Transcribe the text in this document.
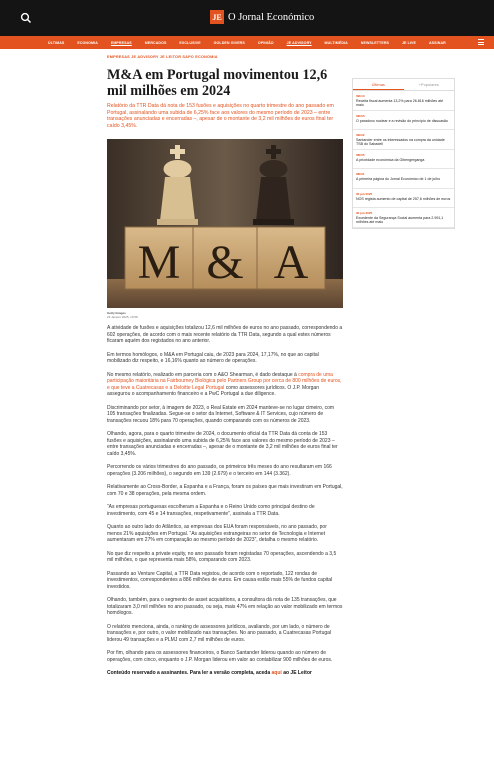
JE O Jornal Económico
ÚLTIMAS	ECONOMIA	EMPRESAS	MERCADOS	EXCLUSIVE	GOLDEN GIVERS	OPINIÃO	JE ADVISORY	MULTIMÉDIA	NEWSLETTERS	JE LIVE	ASSINAR
EMPRESAS JE ADVISORY JE LEITOR SAPO ECONOMIA
M&A em Portugal movimentou 12,6 mil milhões em 2024

Relatório da TTR Data dá nota de 153 fusões e aquisições no quarto trimestre do ano passado em Portugal, assinalando uma subida de 6,25% face aos valores do mesmo período de 2023 – entre transações anunciadas e encerradas –, apesar de o montante de 3,2 mil milhões de euros final ter caído 3,45%.

M & A
Getty Images
23 Janeiro 2025, 19:58

A atividade de fusões e aquisições totalizou 12,6 mil milhões de euros no ano passado, correspondendo a 602 operações, de acordo com o mais recente relatório da TTR Data, segundo a qual estes números ficaram aquém dos registados no ano anterior.

Em termos homólogos, o M&A em Portugal caiu, de 2023 para 2024, 17,17%, no que ao capital mobilizado diz respeito, e 16,16% quanto ao número de operações.

No mesmo relatório, realizado em parceria com o A&O Shearman, é dado destaque à compra de uma participação maioritária na Fairbourney Biológica pelo Partners Group por cerca de 800 milhões de euros, e que teve a Cuatrecasas e a Deloitte Legal Portugal como assessores jurídicos. O J.P. Morgan assegurou o acompanhamento financeiro e a PwC Portugal a due diligence.

Discriminando por setor, à imagem de 2023, o Real Estate em 2024 manteve-se no lugar cimeiro, com 105 transações finalizadas. Segue-se o setor da Internet, Software & IT Services, cujo número de transações recuou 18% para 70 operações, quando comparando com os números de 2023.

Olhando, agora, para o quarto trimestre de 2024, o documento oficial da TTR Data dá conta de 153 fusões e aquisições, assinalando uma subida de 6,25% face aos valores do mesmo período de 2023 – entre transações anunciadas e encerradas –, apesar de o montante de 3,2 mil milhões de euros final ter caído 3,45%.

Percorrendo os vários trimestres do ano passado, os primeiros três meses do ano resultaram em 166 operações (3.206 milhões), o segundo em 139 (2.679) e o terceiro em 144 (3.362).

Relativamente ao Cross-Border, a Espanha e a França, foram os países que mais investiram em Portugal, com 70 e 38 operações, pela mesma ordem.

“As empresas portuguesas escolheram a Espanha e o Reino Unido como principal destino de investimento, com 45 e 14 transações, respetivamente”, assinala a TTR Data.

Quanto ao outro lado do Atlântico, as empresas dos EUA foram responsáveis, no ano passado, por menos 21% aquisições em Portugal. “As aquisições estrangeiras no setor de Tecnologia e Internet aumentaram em 27% em comparação ao mesmo período de 2023”, detalha o mesmo relatório.

No que diz respeito a private equity, no ano passado foram registadas 70 operações, ascendendo a 3,5 mil milhões, o que representa mais 58%, comparando com 2023.

Passando ao Venture Capital, a TTR Data registou, de acordo com o reportado, 122 rondas de investimentos, correspondentes a 886 milhões de euros. Em causa estão mais 55% de fundos capital investidos.

Olhando, também, para o segmento de asset acquisitions, a consultora dá nota de 135 transações, que totalizaram 3,0 mil milhões no ano passado, ou seja, mais 47% em relação ao valor mobilizado em termos homólogos.

O relatório menciona, ainda, o ranking de assessores jurídicos, avaliando, por um lado, o número de transações e, por outro, o valor mobilizado nas transações. No ano passado, a Cuatrecasas Portugal liderou 49 transações e a PLMJ com 2,7 mil milhões de euros.

Por fim, olhando para os assessores financeiros, o Banco Santander liderou quando ao número de operações, com cinco, enquanto o J.P. Morgan liderou em valor ao contabilizar 900 milhões de euros.

Conteúdo reservado a assinantes. Para ler a versão completa, aceda aqui ao JE Leitor

Últimas	+Populares
09h13
Receita fiscal aumenta 13,2% para 26.816 milhões até maio
09h05
O paradoxo nuclear e a revisão do princípio de dissuasão
09h02
Santander entre os interessados na compra da unidade TSB do Sabadell
08h05
A prioridade económica da Gibengerganga
08h01
A primeira página do Jornal Económico de 1 de julho
30 jun 2025
NOS regista aumento de capital de 257,6 milhões de euros
30 jun 2025
Excedente da Segurança Social aumenta para 2.991,1 milhões até maio
